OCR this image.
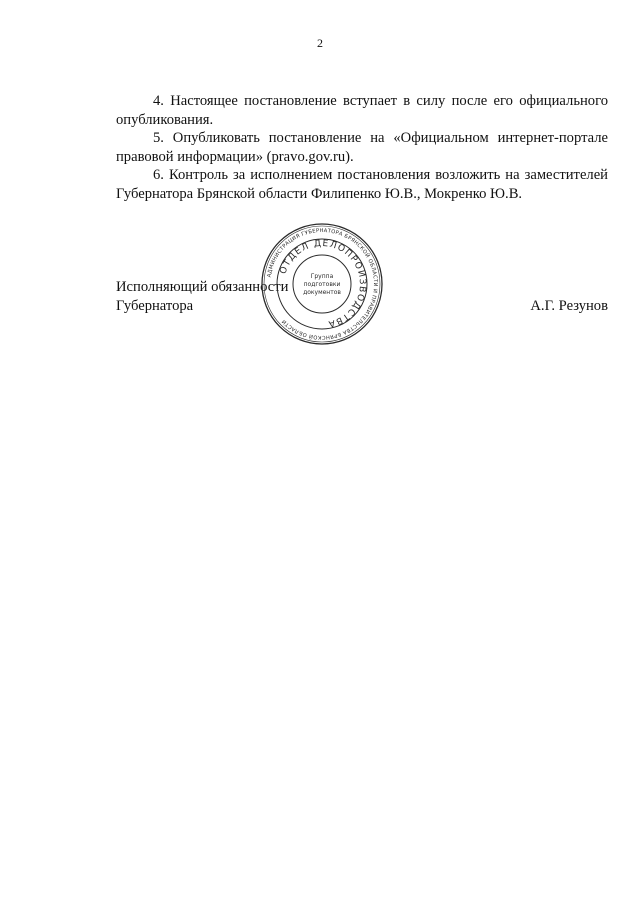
2

4. Настоящее постановление вступает в силу после его официального опубликования.

5. Опубликовать постановление на «Официальном интернет-портале правовой информации» (pravo.gov.ru).

6. Контроль за исполнением постановления возложить на заместителей Губернатора Брянской области Филипенко Ю.В., Мокренко Ю.В.

Исполняющий обязанности
Губернатора	А.Г. Резунов
АДМИНИСТРАЦИЯ ГУБЕРНАТОРА БРЯНСКОЙ ОБЛАСТИ И ПРАВИТЕЛЬСТВА БРЯНСКОЙ ОБЛАСТИ
ОТДЕЛ ДЕЛОПРОИЗВОДСТВА
Группа
подготовки
документов
